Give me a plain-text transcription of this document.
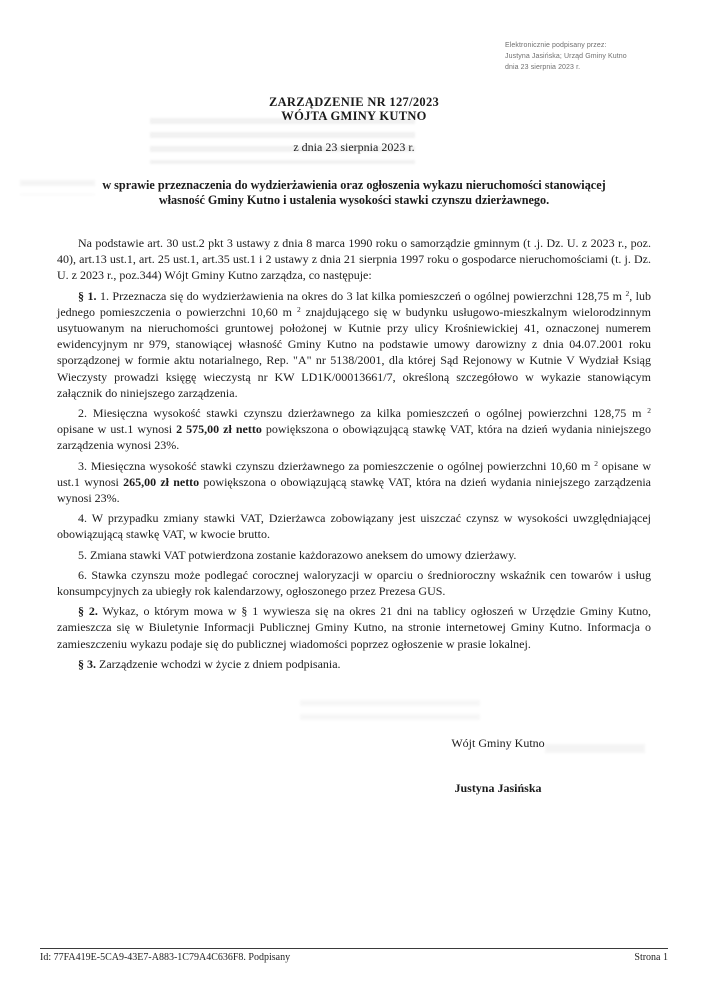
Elektronicznie podpisany przez:
Justyna Jasińska; Urząd Gminy Kutno
dnia 23 sierpnia 2023 r.
ZARZĄDZENIE NR 127/2023
WÓJTA GMINY KUTNO
z dnia 23 sierpnia 2023 r.
w sprawie przeznaczenia do wydzierżawienia oraz ogłoszenia wykazu nieruchomości stanowiącej
własność Gminy Kutno i ustalenia wysokości stawki czynszu dzierżawnego.

Na podstawie art. 30 ust.2 pkt 3 ustawy z dnia 8 marca 1990 roku o samorządzie gminnym (t .j. Dz. U. z 2023 r., poz. 40), art.13 ust.1, art. 25 ust.1, art.35 ust.1 i 2 ustawy z dnia 21 sierpnia 1997 roku o gospodarce nieruchomościami (t. j. Dz. U. z 2023 r., poz.344) Wójt Gminy Kutno zarządza, co następuje:

§ 1. 1. Przeznacza się do wydzierżawienia na okres do 3 lat kilka pomieszczeń o ogólnej powierzchni 128,75 m $^2$, lub jednego pomieszczenia o powierzchni 10,60 m $^2$ znajdującego się w budynku usługowo-mieszkalnym wielorodzinnym usytuowanym na nieruchomości gruntowej położonej w Kutnie przy ulicy Krośniewickiej 41, oznaczonej numerem ewidencyjnym nr 979, stanowiącej własność Gminy Kutno na podstawie umowy darowizny z dnia 04.07.2001 roku sporządzonej w formie aktu notarialnego, Rep. "A" nr 5138/2001, dla której Sąd Rejonowy w Kutnie V Wydział Ksiąg Wieczysty prowadzi księgę wieczystą nr KW LD1K/00013661/7, określoną szczegółowo w wykazie stanowiącym załącznik do niniejszego zarządzenia.

2. Miesięczna wysokość stawki czynszu dzierżawnego za kilka pomieszczeń o ogólnej powierzchni 128,75 m $^2$ opisane w ust.1 wynosi 2 575,00 zł netto powiększona o obowiązującą stawkę VAT, która na dzień wydania niniejszego zarządzenia wynosi 23%.

3. Miesięczna wysokość stawki czynszu dzierżawnego za pomieszczenie o ogólnej powierzchni 10,60 m $^2$ opisane w ust.1 wynosi 265,00 zł netto powiększona o obowiązującą stawkę VAT, która na dzień wydania niniejszego zarządzenia wynosi 23%.

4. W przypadku zmiany stawki VAT, Dzierżawca zobowiązany jest uiszczać czynsz w wysokości uwzględniającej obowiązującą stawkę VAT, w kwocie brutto.

5. Zmiana stawki VAT potwierdzona zostanie każdorazowo aneksem do umowy dzierżawy.

6. Stawka czynszu może podlegać corocznej waloryzacji w oparciu o średnioroczny wskaźnik cen towarów i usług konsumpcyjnych za ubiegły rok kalendarzowy, ogłoszonego przez Prezesa GUS.

§ 2. Wykaz, o którym mowa w § 1 wywiesza się na okres 21 dni na tablicy ogłoszeń w Urzędzie Gminy Kutno, zamieszcza się w Biuletynie Informacji Publicznej Gminy Kutno, na stronie internetowej Gminy Kutno. Informacja o zamieszczeniu wykazu podaje się do publicznej wiadomości poprzez ogłoszenie w prasie lokalnej.

§ 3. Zarządzenie wchodzi w życie z dniem podpisania.

Wójt Gminy Kutno
Justyna Jasińska
Id: 77FA419E-5CA9-43E7-A883-1C79A4C636F8. Podpisany	Strona 1
